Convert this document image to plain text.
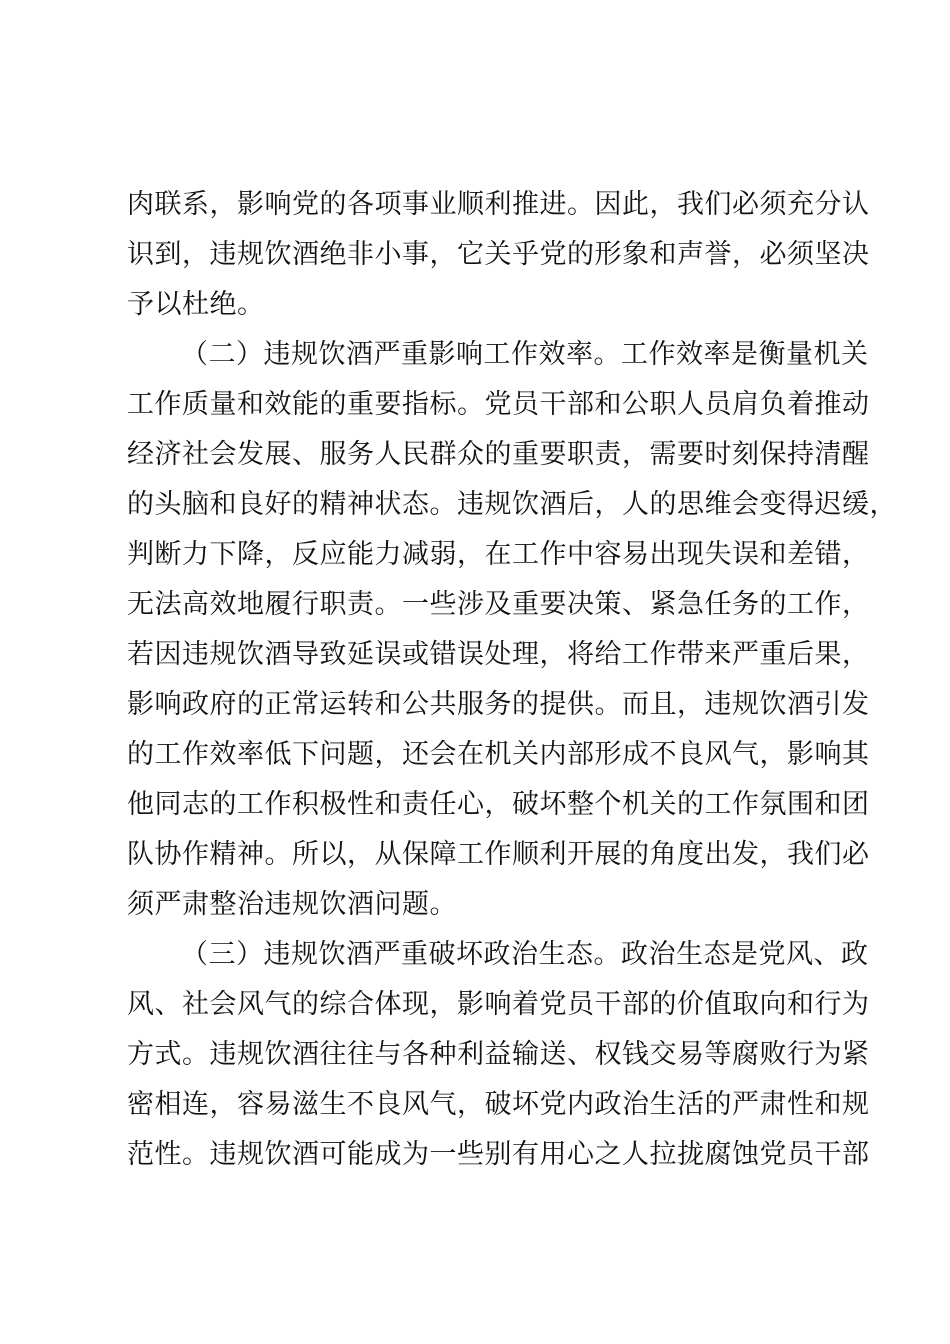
肉联系，影响党的各项事业顺利推进。因此，我们必须充分认
识到，违规饮酒绝非小事，它关乎党的形象和声誉，必须坚决
予以杜绝。
（二）违规饮酒严重影响工作效率。工作效率是衡量机关
工作质量和效能的重要指标。党员干部和公职人员肩负着推动
经济社会发展、服务人民群众的重要职责，需要时刻保持清醒
的头脑和良好的精神状态。违规饮酒后，人的思维会变得迟缓，
判断力下降，反应能力减弱，在工作中容易出现失误和差错，
无法高效地履行职责。一些涉及重要决策、紧急任务的工作，
若因违规饮酒导致延误或错误处理，将给工作带来严重后果，
影响政府的正常运转和公共服务的提供。而且，违规饮酒引发
的工作效率低下问题，还会在机关内部形成不良风气，影响其
他同志的工作积极性和责任心，破坏整个机关的工作氛围和团
队协作精神。所以，从保障工作顺利开展的角度出发，我们必
须严肃整治违规饮酒问题。
（三）违规饮酒严重破坏政治生态。政治生态是党风、政
风、社会风气的综合体现，影响着党员干部的价值取向和行为
方式。违规饮酒往往与各种利益输送、权钱交易等腐败行为紧
密相连，容易滋生不良风气，破坏党内政治生活的严肃性和规
范性。违规饮酒可能成为一些别有用心之人拉拢腐蚀党员干部
